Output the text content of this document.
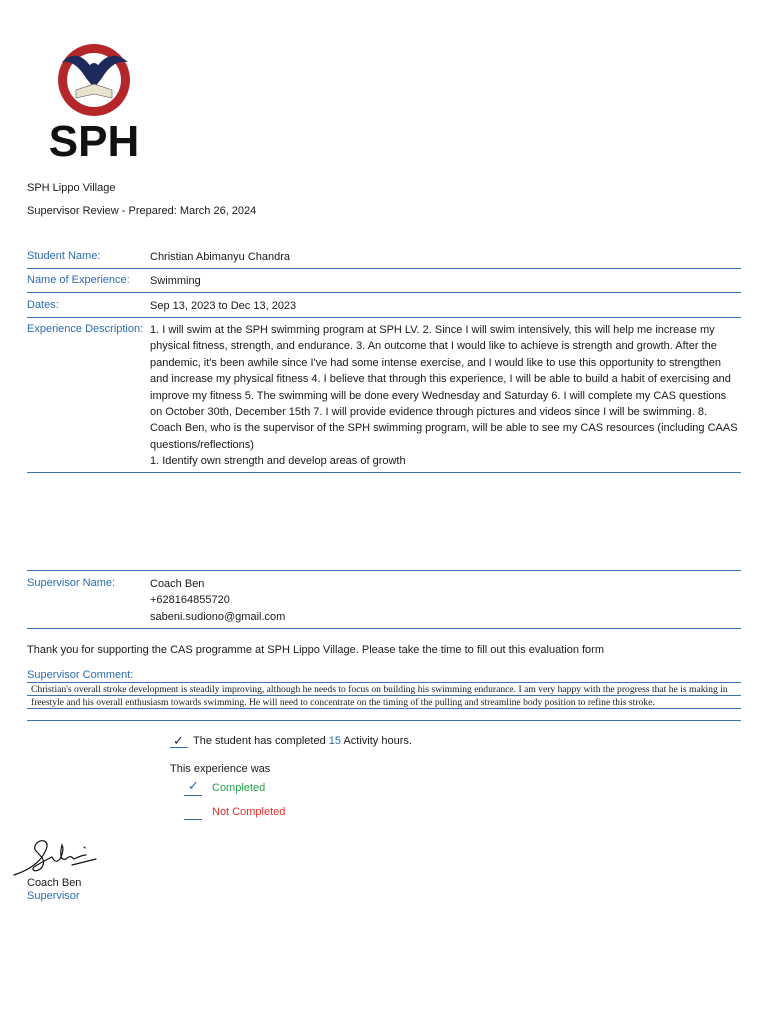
SPH
SPH Lippo Village
Supervisor Review - Prepared: March 26, 2024
Student Name:	Christian Abimanyu Chandra
Name of Experience: Swimming
Dates:	Sep 13, 2023 to Dec 13, 2023
Experience Description: 1. I will swim at the SPH swimming program at SPH LV. 2. Since I will swim intensively, this will help me increase my
physical fitness, strength, and endurance. 3. An outcome that I would like to achieve is strength and growth. After the
pandemic, it's been awhile since I've had some intense exercise, and I would like to use this opportunity to strengthen
and increase my physical fitness 4. I believe that through this experience, I will be able to build a habit of exercising and
improve my fitness 5. The swimming will be done every Wednesday and Saturday 6. I will complete my CAS questions
on October 30th, December 15th 7. I will provide evidence through pictures and videos since I will be swimming. 8.
Coach Ben, who is the supervisor of the SPH swimming program, will be able to see my CAS resources (including CAAS
questions/reflections)
1. Identify own strength and develop areas of growth
Supervisor Name:	Coach Ben
+628164855720
sabeni.sudiono@gmail.com
Thank you for supporting the CAS programme at SPH Lippo Village. Please take the time to fill out this evaluation form
Supervisor Comment:
Christian's overall stroke development is steadily improving, although he needs to focus on building his swimming endurance. I am very happy with the progress that he is making in
freestyle and his overall enthusiasm towards swimming. He will need to concentrate on the timing of the pulling and streamline body position to refine this stroke.
✓ The student has completed 15 Activity hours.
This experience was
✓ Completed
Not Completed
Coach Ben
Supervisor
